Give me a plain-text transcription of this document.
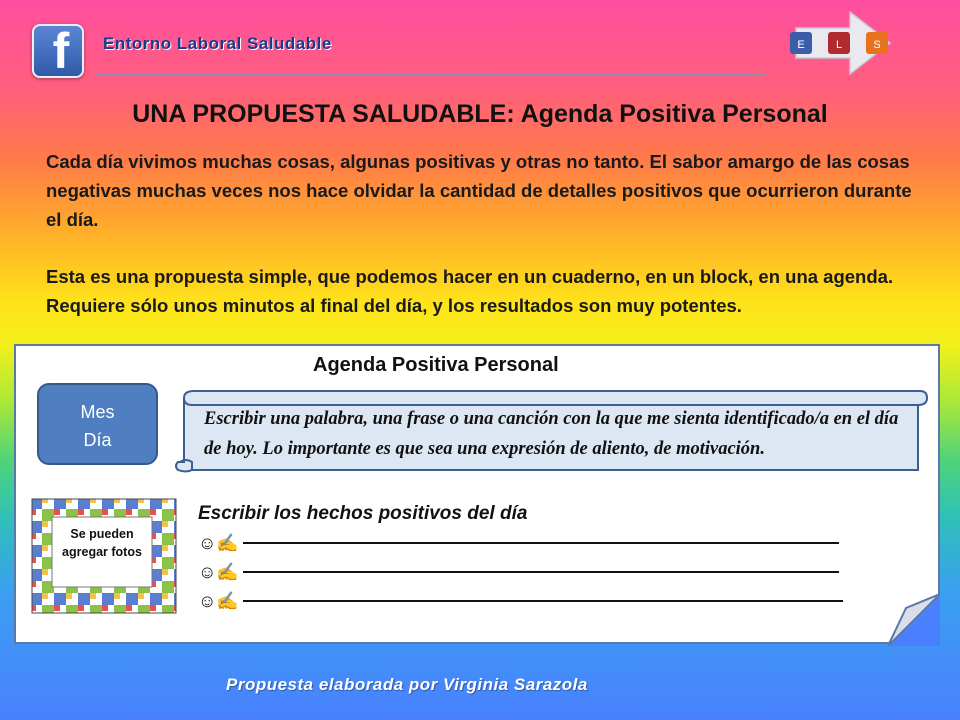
f Entorno Laboral Saludable	E	L	S
UNA PROPUESTA SALUDABLE: Agenda Positiva Personal

Cada día vivimos muchas cosas, algunas positivas y otras no tanto. El sabor amargo de las cosas negativas muchas veces nos hace olvidar la cantidad de detalles positivos que ocurrieron durante el día.

Esta es una propuesta simple, que podemos hacer en un cuaderno, en un block, en una agenda. Requiere sólo unos minutos al final del día, y los resultados son muy potentes.

Agenda Positiva Personal
Mes
Día
Escribir una palabra, una frase o una canción con la que me sienta identificado/a en el día de hoy. Lo importante es que sea una expresión de aliento, de motivación.
Se pueden agregar fotos
Escribir los hechos positivos del día
☺ ✍
☺ ✍
☺ ✍
Propuesta elaborada por Virginia Sarazola
